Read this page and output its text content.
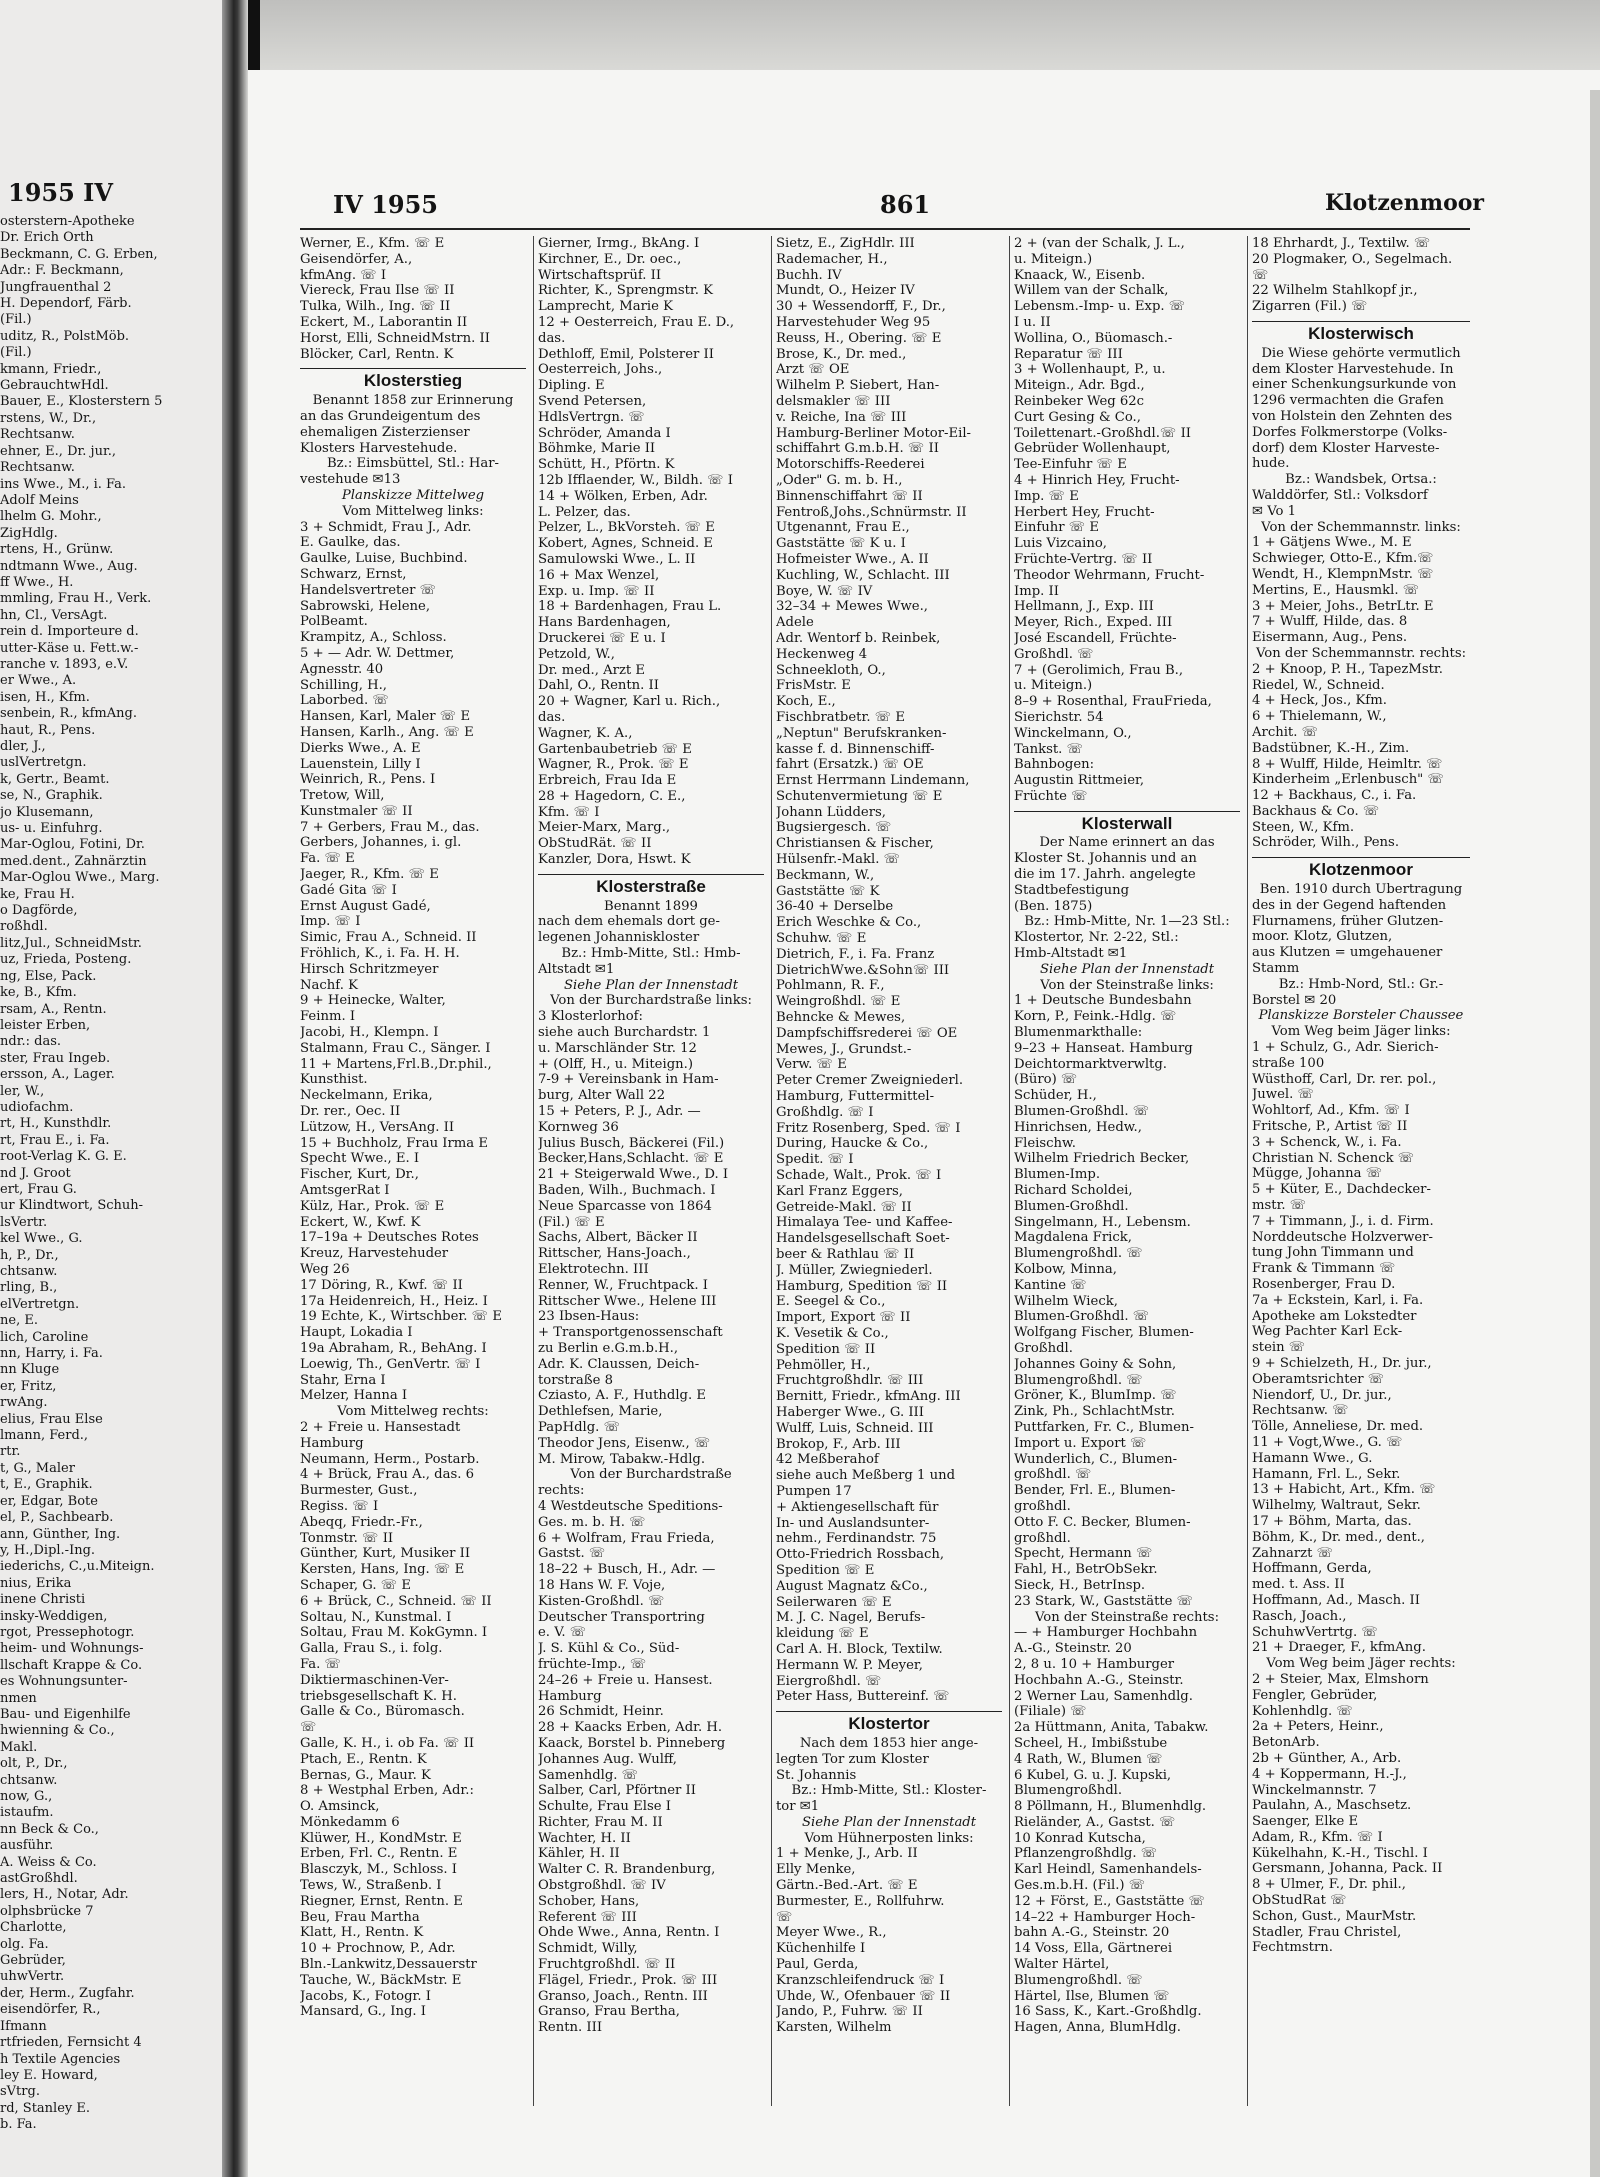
1955 IV
osterstern-Apotheke
Dr. Erich Orth
Beckmann, C. G. Erben,
Adr.: F. Beckmann,
Jungfrauenthal 2
H. Dependorf, Färb.
(Fil.)
uditz, R., PolstMöb.
(Fil.)
kmann, Friedr.,
GebrauchtwHdl.
Bauer, E., Klosterstern 5
rstens, W., Dr.,
Rechtsanw.
ehner, E., Dr. jur.,
Rechtsanw.
ins Wwe., M., i. Fa.
Adolf Meins
lhelm G. Mohr.,
ZigHdlg.
rtens, H., Grünw.
ndtmann Wwe., Aug.
ff Wwe., H.
mmling, Frau H., Verk.
hn, Cl., VersAgt.
rein d. Importeure d.
utter-Käse u. Fett.w.-
ranche v. 1893, e.V.
er Wwe., A.
isen, H., Kfm.
senbein, R., kfmAng.
haut, R., Pens.
dler, J.,
uslVertretgn.
k, Gertr., Beamt.
se, N., Graphik.
jo Klusemann,
us- u. Einfuhrg.
Mar-Oglou, Fotini, Dr.
med.dent., Zahnärztin
Mar-Oglou Wwe., Marg.
ke, Frau H.
o Dagförde,
roßhdl.
litz,Jul., SchneidMstr.
uz, Frieda, Posteng.
ng, Else, Pack.
ke, B., Kfm.
rsam, A., Rentn.
leister Erben,
ndr.: das.
ster, Frau Ingeb.
ersson, A., Lager.
ler, W.,
udiofachm.
rt, H., Kunsthdlr.
rt, Frau E., i. Fa.
root-Verlag K. G. E.
nd J. Groot
ert, Frau G.
ur Klindtwort, Schuh-
lsVertr.
kel Wwe., G.
h, P., Dr.,
chtsanw.
rling, B.,
elVertretgn.
ne, E.
lich, Caroline
nn, Harry, i. Fa.
nn Kluge
er, Fritz,
rwAng.
elius, Frau Else
lmann, Ferd.,
rtr.
t, G., Maler
t, E., Graphik.
er, Edgar, Bote
el, P., Sachbearb.
ann, Günther, Ing.
y, H.,Dipl.-Ing.
iederichs, C.,u.Miteign.
nius, Erika
inene Christi
insky-Weddigen,
rgot, Pressephotogr.
heim- und Wohnungs-
llschaft Krappe & Co.
es Wohnungsunter-
nmen
Bau- und Eigenhilfe
hwienning & Co.,
Makl.
olt, P., Dr.,
chtsanw.
now, G.,
istaufm.
nn Beck & Co.,
ausführ.
A. Weiss & Co.
astGroßhdl.
lers, H., Notar, Adr.
olphsbrücke 7
Charlotte,
olg. Fa.
Gebrüder,
uhwVertr.
der, Herm., Zugfahr.
eisendörfer, R.,
Ifmann
rtfrieden, Fernsicht 4
h Textile Agencies
ley E. Howard,
sVtrg.
rd, Stanley E.
b. Fa.
IV 1955	861	Klotzenmoor
Werner, E., Kfm. ☏ E
Geisendörfer, A.,
kfmAng. ☏ I
Viereck, Frau Ilse ☏ II
Tulka, Wilh., Ing. ☏ II
Eckert, M., Laborantin II
Horst, Elli, SchneidMstrn. II
Blöcker, Carl, Rentn. K
Klosterstieg
Benannt 1858 zur Erinnerung
an das Grundeigentum des
ehemaligen Zisterzienser
Klosters Harvestehude.
Bz.: Eimsbüttel, Stl.: Har-
vestehude ✉13
Planskizze Mittelweg
Vom Mittelweg links:
3 + Schmidt, Frau J., Adr.
E. Gaulke, das.
Gaulke, Luise, Buchbind.
Schwarz, Ernst,
Handelsvertreter ☏
Sabrowski, Helene,
PolBeamt.
Krampitz, A., Schloss.
5 + — Adr. W. Dettmer,
Agnesstr. 40
Schilling, H.,
Laborbed. ☏
Hansen, Karl, Maler ☏ E
Hansen, Karlh., Ang. ☏ E
Dierks Wwe., A. E
Lauenstein, Lilly I
Weinrich, R., Pens. I
Tretow, Will,
Kunstmaler ☏ II
7 + Gerbers, Frau M., das.
Gerbers, Johannes, i. gl.
Fa. ☏ E
Jaeger, R., Kfm. ☏ E
Gadé Gita ☏ I
Ernst August Gadé,
Imp. ☏ I
Simic, Frau A., Schneid. II
Fröhlich, K., i. Fa. H. H.
Hirsch Schritzmeyer
Nachf. K
9 + Heinecke, Walter,
Feinm. I
Jacobi, H., Klempn. I
Stalmann, Frau C., Sänger. I
11 + Martens,Frl.B.,Dr.phil.,
Kunsthist.
Neckelmann, Erika,
Dr. rer., Oec. II
Lützow, H., VersAng. II
15 + Buchholz, Frau Irma E
Specht Wwe., E. I
Fischer, Kurt, Dr.,
AmtsgerRat I
Külz, Har., Prok. ☏ E
Eckert, W., Kwf. K
17–19a + Deutsches Rotes
Kreuz, Harvestehuder
Weg 26
17 Döring, R., Kwf. ☏ II
17a Heidenreich, H., Heiz. I
19 Echte, K., Wirtschber. ☏ E
Haupt, Lokadia I
19a Abraham, R., BehAng. I
Loewig, Th., GenVertr. ☏ I
Stahr, Erna I
Melzer, Hanna I
Vom Mittelweg rechts:
2 + Freie u. Hansestadt
Hamburg
Neumann, Herm., Postarb.
4 + Brück, Frau A., das. 6
Burmester, Gust.,
Regiss. ☏ I
Abeqq, Friedr.-Fr.,
Tonmstr. ☏ II
Günther, Kurt, Musiker II
Kersten, Hans, Ing. ☏ E
Schaper, G. ☏ E
6 + Brück, C., Schneid. ☏ II
Soltau, N., Kunstmal. I
Soltau, Frau M. KokGymn. I
Galla, Frau S., i. folg.
Fa. ☏
Diktiermaschinen-Ver-
triebsgesellschaft K. H.
Galle & Co., Büromasch.
☏
Galle, K. H., i. ob Fa. ☏ II
Ptach, E., Rentn. K
Bernas, G., Maur. K
8 + Westphal Erben, Adr.:
O. Amsinck,
Mönkedamm 6
Klüwer, H., KondMstr. E
Erben, Frl. C., Rentn. E
Blasczyk, M., Schloss. I
Tews, W., Straßenb. I
Riegner, Ernst, Rentn. E
Beu, Frau Martha
Klatt, H., Rentn. K
10 + Prochnow, P., Adr.
Bln.-Lankwitz,Dessauerstr
Tauche, W., BäckMstr. E
Jacobs, K., Fotogr. I
Mansard, G., Ing. I
Gierner, Irmg., BkAng. I
Kirchner, E., Dr. oec.,
Wirtschaftsprüf. II
Richter, K., Sprengmstr. K
Lamprecht, Marie K
12 + Oesterreich, Frau E. D.,
das.
Dethloff, Emil, Polsterer II
Oesterreich, Johs.,
Dipling. E
Svend Petersen,
HdlsVertrgn. ☏
Schröder, Amanda I
Böhmke, Marie II
Schütt, H., Pförtn. K
12b Ifflaender, W., Bildh. ☏ I
14 + Wölken, Erben, Adr.
L. Pelzer, das.
Pelzer, L., BkVorsteh. ☏ E
Kobert, Agnes, Schneid. E
Samulowski Wwe., L. II
16 + Max Wenzel,
Exp. u. Imp. ☏ II
18 + Bardenhagen, Frau L.
Hans Bardenhagen,
Druckerei ☏ E u. I
Petzold, W.,
Dr. med., Arzt E
Dahl, O., Rentn. II
20 + Wagner, Karl u. Rich.,
das.
Wagner, K. A.,
Gartenbaubetrieb ☏ E
Wagner, R., Prok. ☏ E
Erbreich, Frau Ida E
28 + Hagedorn, C. E.,
Kfm. ☏ I
Meier-Marx, Marg.,
ObStudRät. ☏ II
Kanzler, Dora, Hswt. K
Klosterstraße
Benannt 1899
nach dem ehemals dort ge-
legenen Johanniskloster
Bz.: Hmb-Mitte, Stl.: Hmb-
Altstadt ✉1
Siehe Plan der Innenstadt
Von der Burchardstraße links:
3 Klosterlorhof:
siehe auch Burchardstr. 1
u. Marschländer Str. 12
+ (Olff, H., u. Miteign.)
7-9 + Vereinsbank in Ham-
burg, Alter Wall 22
15 + Peters, P. J., Adr. —
Kornweg 36
Julius Busch, Bäckerei (Fil.)
Becker,Hans,Schlacht. ☏ E
21 + Steigerwald Wwe., D. I
Baden, Wilh., Buchmach. I
Neue Sparcasse von 1864
(Fil.) ☏ E
Sachs, Albert, Bäcker II
Rittscher, Hans-Joach.,
Elektrotechn. III
Renner, W., Fruchtpack. I
Rittscher Wwe., Helene III
23 Ibsen-Haus:
+ Transportgenossenschaft
zu Berlin e.G.m.b.H.,
Adr. K. Claussen, Deich-
torstraße 8
Cziasto, A. F., Huthdlg. E
Dethlefsen, Marie,
PapHdlg. ☏
Theodor Jens, Eisenw., ☏
M. Mirow, Tabakw.-Hdlg.
Von der Burchardstraße
rechts:
4 Westdeutsche Speditions-
Ges. m. b. H. ☏
6 + Wolfram, Frau Frieda,
Gastst. ☏
18–22 + Busch, H., Adr. —
18 Hans W. F. Voje,
Kisten-Großhdl. ☏
Deutscher Transportring
e. V. ☏
J. S. Kühl & Co., Süd-
früchte-Imp., ☏
24–26 + Freie u. Hansest.
Hamburg
26 Schmidt, Heinr.
28 + Kaacks Erben, Adr. H.
Kaack, Borstel b. Pinneberg
Johannes Aug. Wulff,
Samenhdlg. ☏
Salber, Carl, Pförtner II
Schulte, Frau Else I
Richter, Frau M. II
Wachter, H. II
Kähler, H. II
Walter C. R. Brandenburg,
Obstgroßhdl. ☏ IV
Schober, Hans,
Referent ☏ III
Ohde Wwe., Anna, Rentn. I
Schmidt, Willy,
Fruchtgroßhdl. ☏ II
Flägel, Friedr., Prok. ☏ III
Granso, Joach., Rentn. III
Granso, Frau Bertha,
Rentn. III
Sietz, E., ZigHdlr. III
Rademacher, H.,
Buchh. IV
Mundt, O., Heizer IV
30 + Wessendorff, F., Dr.,
Harvestehuder Weg 95
Reuss, H., Obering. ☏ E
Brose, K., Dr. med.,
Arzt ☏ OE
Wilhelm P. Siebert, Han-
delsmakler ☏ III
v. Reiche, Ina ☏ III
Hamburg-Berliner Motor-Eil-
schiffahrt G.m.b.H. ☏ II
Motorschiffs-Reederei
„Oder" G. m. b. H.,
Binnenschiffahrt ☏ II
Fentroß,Johs.,Schnürmstr. II
Utgenannt, Frau E.,
Gaststätte ☏ K u. I
Hofmeister Wwe., A. II
Kuchling, W., Schlacht. III
Boye, W. ☏ IV
32–34 + Mewes Wwe.,
Adele
Adr. Wentorf b. Reinbek,
Heckenweg 4
Schneekloth, O.,
FrisMstr. E
Koch, E.,
Fischbratbetr. ☏ E
„Neptun" Berufskranken-
kasse f. d. Binnenschiff-
fahrt (Ersatzk.) ☏ OE
Ernst Herrmann Lindemann,
Schutenvermietung ☏ E
Johann Lüdders,
Bugsiergesch. ☏
Christiansen & Fischer,
Hülsenfr.-Makl. ☏
Beckmann, W.,
Gaststätte ☏ K
36-40 + Derselbe
Erich Weschke & Co.,
Schuhw. ☏ E
Dietrich, F., i. Fa. Franz
DietrichWwe.&Sohn☏ III
Pohlmann, R. F.,
Weingroßhdl. ☏ E
Behncke & Mewes,
Dampfschiffsrederei ☏ OE
Mewes, J., Grundst.-
Verw. ☏ E
Peter Cremer Zweigniederl.
Hamburg, Futtermittel-
Großhdlg. ☏ I
Fritz Rosenberg, Sped. ☏ I
During, Haucke & Co.,
Spedit. ☏ I
Schade, Walt., Prok. ☏ I
Karl Franz Eggers,
Getreide-Makl. ☏ II
Himalaya Tee- und Kaffee-
Handelsgesellschaft Soet-
beer & Rathlau ☏ II
J. Müller, Zwiegniederl.
Hamburg, Spedition ☏ II
E. Seegel & Co.,
Import, Export ☏ II
K. Vesetik & Co.,
Spedition ☏ II
Pehmöller, H.,
Fruchtgroßhdlr. ☏ III
Bernitt, Friedr., kfmAng. III
Haberger Wwe., G. III
Wulff, Luis, Schneid. III
Brokop, F., Arb. III
42 Meßberahof
siehe auch Meßberg 1 und
Pumpen 17
+ Aktiengesellschaft für
In- und Auslandsunter-
nehm., Ferdinandstr. 75
Otto-Friedrich Rossbach,
Spedition ☏ E
August Magnatz &Co.,
Seilerwaren ☏ E
M. J. C. Nagel, Berufs-
kleidung ☏ E
Carl A. H. Block, Textilw.
Hermann W. P. Meyer,
Eiergroßhdl. ☏
Peter Hass, Buttereinf. ☏
Klostertor
Nach dem 1853 hier ange-
legten Tor zum Kloster
St. Johannis
Bz.: Hmb-Mitte, Stl.: Kloster-
tor ✉1
Siehe Plan der Innenstadt
Vom Hühnerposten links:
1 + Menke, J., Arb. II
Elly Menke,
Gärtn.-Bed.-Art. ☏ E
Burmester, E., Rollfuhrw.
☏
Meyer Wwe., R.,
Küchenhilfe I
Paul, Gerda,
Kranzschleifendruck ☏ I
Uhde, W., Ofenbauer ☏ II
Jando, P., Fuhrw. ☏ II
Karsten, Wilhelm
2 + (van der Schalk, J. L.,
u. Miteign.)
Knaack, W., Eisenb.
Willem van der Schalk,
Lebensm.-Imp- u. Exp. ☏
I u. II
Wollina, O., Büomasch.-
Reparatur ☏ III
3 + Wollenhaupt, P., u.
Miteign., Adr. Bgd.,
Reinbeker Weg 62c
Curt Gesing & Co.,
Toilettenart.-Großhdl.☏ II
Gebrüder Wollenhaupt,
Tee-Einfuhr ☏ E
4 + Hinrich Hey, Frucht-
Imp. ☏ E
Herbert Hey, Frucht-
Einfuhr ☏ E
Luis Vizcaino,
Früchte-Vertrg. ☏ II
Theodor Wehrmann, Frucht-
Imp. II
Hellmann, J., Exp. III
Meyer, Rich., Exped. III
José Escandell, Früchte-
Großhdl. ☏
7 + (Gerolimich, Frau B.,
u. Miteign.)
8–9 + Rosenthal, FrauFrieda,
Sierichstr. 54
Winckelmann, O.,
Tankst. ☏
Bahnbogen:
Augustin Rittmeier,
Früchte ☏
Klosterwall
Der Name erinnert an das
Kloster St. Johannis und an
die im 17. Jahrh. angelegte
Stadtbefestigung
(Ben. 1875)
Bz.: Hmb-Mitte, Nr. 1—23 Stl.:
Klostertor, Nr. 2-22, Stl.:
Hmb-Altstadt ✉1
Siehe Plan der Innenstadt
Von der Steinstraße links:
1 + Deutsche Bundesbahn
Korn, P., Feink.-Hdlg. ☏
Blumenmarkthalle:
9–23 + Hanseat. Hamburg
Deichtormarktverwltg.
(Büro) ☏
Schüder, H.,
Blumen-Großhdl. ☏
Hinrichsen, Hedw.,
Fleischw.
Wilhelm Friedrich Becker,
Blumen-Imp.
Richard Scholdei,
Blumen-Großhdl.
Singelmann, H., Lebensm.
Magdalena Frick,
Blumengroßhdl. ☏
Kolbow, Minna,
Kantine ☏
Wilhelm Wieck,
Blumen-Großhdl. ☏
Wolfgang Fischer, Blumen-
Großhdl.
Johannes Goiny & Sohn,
Blumengroßhdl. ☏
Gröner, K., BlumImp. ☏
Zink, Ph., SchlachtMstr.
Puttfarken, Fr. C., Blumen-
Import u. Export ☏
Wunderlich, C., Blumen-
großhdl. ☏
Bender, Frl. E., Blumen-
großhdl.
Otto F. C. Becker, Blumen-
großhdl.
Specht, Hermann ☏
Fahl, H., BetrObSekr.
Sieck, H., BetrInsp.
23 Stark, W., Gaststätte ☏
Von der Steinstraße rechts:
— + Hamburger Hochbahn
A.-G., Steinstr. 20
2, 8 u. 10 + Hamburger
Hochbahn A.-G., Steinstr.
2 Werner Lau, Samenhdlg.
(Filiale) ☏
2a Hüttmann, Anita, Tabakw.
Scheel, H., Imbißstube
4 Rath, W., Blumen ☏
6 Kubel, G. u. J. Kupski,
Blumengroßhdl.
8 Pöllmann, H., Blumenhdlg.
Rieländer, A., Gastst. ☏
10 Konrad Kutscha,
Pflanzengroßhdlg. ☏
Karl Heindl, Samenhandels-
Ges.m.b.H. (Fil.) ☏
12 + Först, E., Gaststätte ☏
14–22 + Hamburger Hoch-
bahn A.-G., Steinstr. 20
14 Voss, Ella, Gärtnerei
Walter Härtel,
Blumengroßhdl. ☏
Härtel, Ilse, Blumen ☏
16 Sass, K., Kart.-Großhdlg.
Hagen, Anna, BlumHdlg.
18 Ehrhardt, J., Textilw. ☏
20 Plogmaker, O., Segelmach.
☏
22 Wilhelm Stahlkopf jr.,
Zigarren (Fil.) ☏
Klosterwisch
Die Wiese gehörte vermutlich
dem Kloster Harvestehude. In
einer Schenkungsurkunde von
1296 vermachten die Grafen
von Holstein den Zehnten des
Dorfes Folkmerstorpe (Volks-
dorf) dem Kloster Harveste-
hude.
Bz.: Wandsbek, Ortsa.:
Walddörfer, Stl.: Volksdorf
✉ Vo 1
Von der Schemmannstr. links:
1 + Gätjens Wwe., M. E
Schwieger, Otto-E., Kfm.☏
Wendt, H., KlempnMstr. ☏
Mertins, E., Hausmkl. ☏
3 + Meier, Johs., BetrLtr. E
7 + Wulff, Hilde, das. 8
Eisermann, Aug., Pens.
Von der Schemmannstr. rechts:
2 + Knoop, P. H., TapezMstr.
Riedel, W., Schneid.
4 + Heck, Jos., Kfm.
6 + Thielemann, W.,
Archit. ☏
Badstübner, K.-H., Zim.
8 + Wulff, Hilde, Heimltr. ☏
Kinderheim „Erlenbusch" ☏
12 + Backhaus, C., i. Fa.
Backhaus & Co. ☏
Steen, W., Kfm.
Schröder, Wilh., Pens.
Klotzenmoor
Ben. 1910 durch Übertragung
des in der Gegend haftenden
Flurnamens, früher Glutzen-
moor. Klotz, Glutzen,
aus Klutzen = umgehauener
Stamm
Bz.: Hmb-Nord, Stl.: Gr.-
Borstel ✉ 20
Planskizze Borsteler Chaussee
Vom Weg beim Jäger links:
1 + Schulz, G., Adr. Sierich-
straße 100
Wüsthoff, Carl, Dr. rer. pol.,
Juwel. ☏
Wohltorf, Ad., Kfm. ☏ I
Fritsche, P., Artist ☏ II
3 + Schenck, W., i. Fa.
Christian N. Schenck ☏
Mügge, Johanna ☏
5 + Küter, E., Dachdecker-
mstr. ☏
7 + Timmann, J., i. d. Firm.
Norddeutsche Holzverwer-
tung John Timmann und
Frank & Timmann ☏
Rosenberger, Frau D.
7a + Eckstein, Karl, i. Fa.
Apotheke am Lokstedter
Weg Pachter Karl Eck-
stein ☏
9 + Schielzeth, H., Dr. jur.,
Oberamtsrichter ☏
Niendorf, U., Dr. jur.,
Rechtsanw. ☏
Tölle, Anneliese, Dr. med.
11 + Vogt,Wwe., G. ☏
Hamann Wwe., G.
Hamann, Frl. L., Sekr.
13 + Habicht, Art., Kfm. ☏
Wilhelmy, Waltraut, Sekr.
17 + Böhm, Marta, das.
Böhm, K., Dr. med., dent.,
Zahnarzt ☏
Hoffmann, Gerda,
med. t. Ass. II
Hoffmann, Ad., Masch. II
Rasch, Joach.,
SchuhwVertrtg. ☏
21 + Draeger, F., kfmAng.
Vom Weg beim Jäger rechts:
2 + Steier, Max, Elmshorn
Fengler, Gebrüder,
Kohlenhdlg. ☏
2a + Peters, Heinr.,
BetonArb.
2b + Günther, A., Arb.
4 + Koppermann, H.-J.,
Winckelmannstr. 7
Paulahn, A., Maschsetz.
Saenger, Elke E
Adam, R., Kfm. ☏ I
Kükelhahn, K.-H., Tischl. I
Gersmann, Johanna, Pack. II
8 + Ulmer, F., Dr. phil.,
ObStudRat ☏
Schon, Gust., MaurMstr.
Stadler, Frau Christel,
Fechtmstrn.
